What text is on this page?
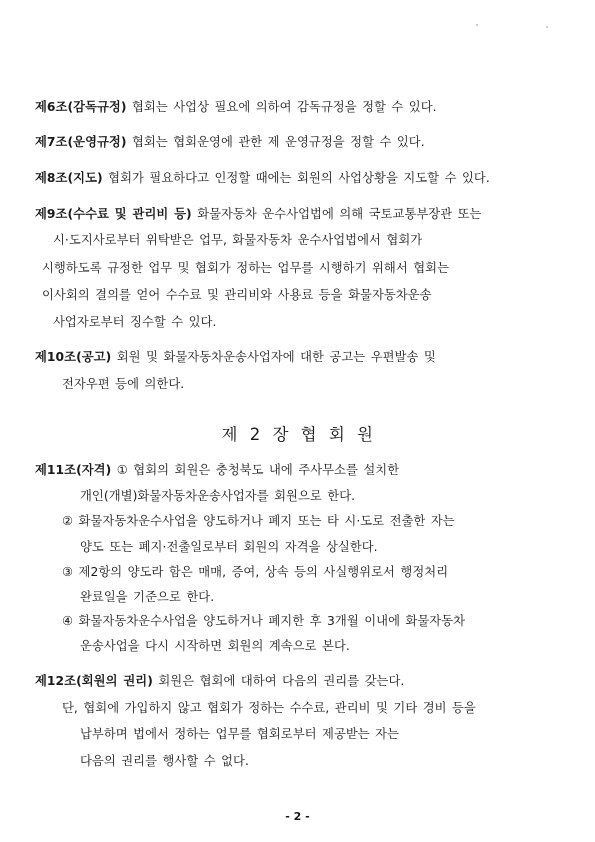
제6조(감독규정) 협회는 사업상 필요에 의하여 감독규정을 정할 수 있다.
제7조(운영규정) 협회는 협회운영에 관한 제 운영규정을 정할 수 있다.
제8조(지도) 협회가 필요하다고 인정할 때에는 회원의 사업상황을 지도할 수 있다.
제9조(수수료 및 관리비 등) 화물자동차 운수사업법에 의해 국토교통부장관 또는
시·도지사로부터 위탁받은 업무, 화물자동차 운수사업법에서 협회가
시행하도록 규정한 업무 및 협회가 정하는 업무를 시행하기 위해서 협회는
이사회의 결의를 얻어 수수료 및 관리비와 사용료 등을 화물자동차운송
사업자로부터 징수할 수 있다.
제10조(공고) 회원 및 화물자동차운송사업자에 대한 공고는 우편발송 및
전자우편 등에 의한다.
제 2 장 협 회 원
제11조(자격) ① 협회의 회원은 충청북도 내에 주사무소를 설치한
개인(개별)화물자동차운송사업자를 회원으로 한다.
② 화물자동차운수사업을 양도하거나 폐지 또는 타 시·도로 전출한 자는
양도 또는 폐지·전출일로부터 회원의 자격을 상실한다.
③ 제2항의 양도라 함은 매매, 증여, 상속 등의 사실행위로서 행정처리
완료일을 기준으로 한다.
④ 화물자동차운수사업을 양도하거나 폐지한 후 3개월 이내에 화물자동차
운송사업을 다시 시작하면 회원의 계속으로 본다.
제12조(회원의 권리) 회원은 협회에 대하여 다음의 권리를 갖는다.
단, 협회에 가입하지 않고 협회가 정하는 수수료, 관리비 및 기타 경비 등을
납부하며 법에서 정하는 업무를 협회로부터 제공받는 자는
다음의 권리를 행사할 수 없다.
- 2 -
